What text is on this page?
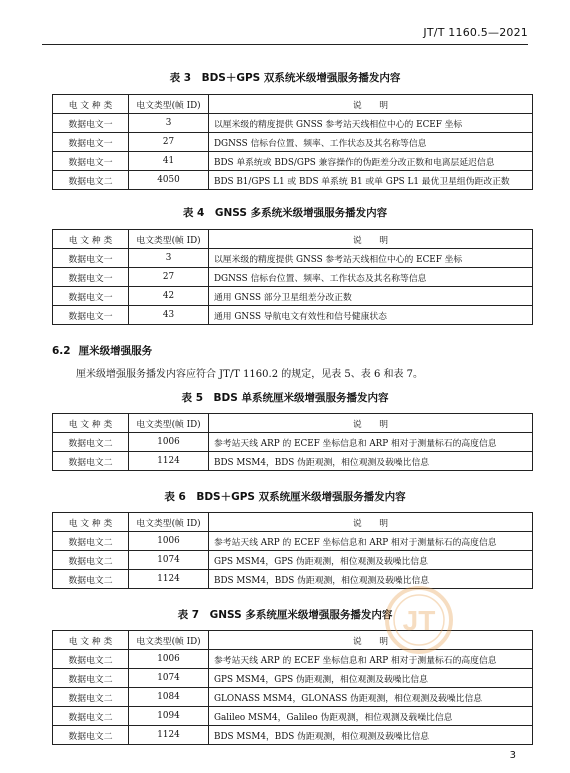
JT/T 1160.5—2021
表 3　BDS＋GPS 双系统米级增强服务播发内容
电 文 种 类	电文类型(帧 ID)	说　　明
数据电文一	3	以厘米级的精度提供 GNSS 参考站天线相位中心的 ECEF 坐标
数据电文一	27	DGNSS 信标台位置、频率、工作状态及其名称等信息
数据电文一	41	BDS 单系统或 BDS/GPS 兼容操作的伪距差分改正数和电离层延迟信息
数据电文二	4050	BDS B1/GPS L1 或 BDS 单系统 B1 或单 GPS L1 最优卫星组伪距改正数
表 4　GNSS 多系统米级增强服务播发内容
电 文 种 类	电文类型(帧 ID)	说　　明
数据电文一	3	以厘米级的精度提供 GNSS 参考站天线相位中心的 ECEF 坐标
数据电文一	27	DGNSS 信标台位置、频率、工作状态及其名称等信息
数据电文一	42	通用 GNSS 部分卫星组差分改正数
数据电文一	43	通用 GNSS 导航电文有效性和信号健康状态
6.2 厘米级增强服务
厘米级增强服务播发内容应符合 JT/T 1160.2 的规定，见表 5、表 6 和表 7。
表 5　BDS 单系统厘米级增强服务播发内容
电 文 种 类	电文类型(帧 ID)	说　　明
数据电文二	1006	参考站天线 ARP 的 ECEF 坐标信息和 ARP 相对于测量标石的高度信息
数据电文二	1124	BDS MSM4，BDS 伪距观测，相位观测及载噪比信息
表 6　BDS＋GPS 双系统厘米级增强服务播发内容
电 文 种 类	电文类型(帧 ID)	说　　明
数据电文二	1006	参考站天线 ARP 的 ECEF 坐标信息和 ARP 相对于测量标石的高度信息
数据电文二	1074	GPS MSM4，GPS 伪距观测，相位观测及载噪比信息
数据电文二	1124	BDS MSM4，BDS 伪距观测，相位观测及载噪比信息
表 7　GNSS 多系统厘米级增强服务播发内容
电 文 种 类	电文类型(帧 ID)	说　　明
数据电文二	1006	参考站天线 ARP 的 ECEF 坐标信息和 ARP 相对于测量标石的高度信息
数据电文二	1074	GPS MSM4，GPS 伪距观测，相位观测及载噪比信息
数据电文二	1084	GLONASS MSM4，GLONASS 伪距观测，相位观测及载噪比信息
数据电文二	1094	Galileo MSM4，Galileo 伪距观测，相位观测及载噪比信息
数据电文二	1124	BDS MSM4，BDS 伪距观测，相位观测及载噪比信息
JT
3
